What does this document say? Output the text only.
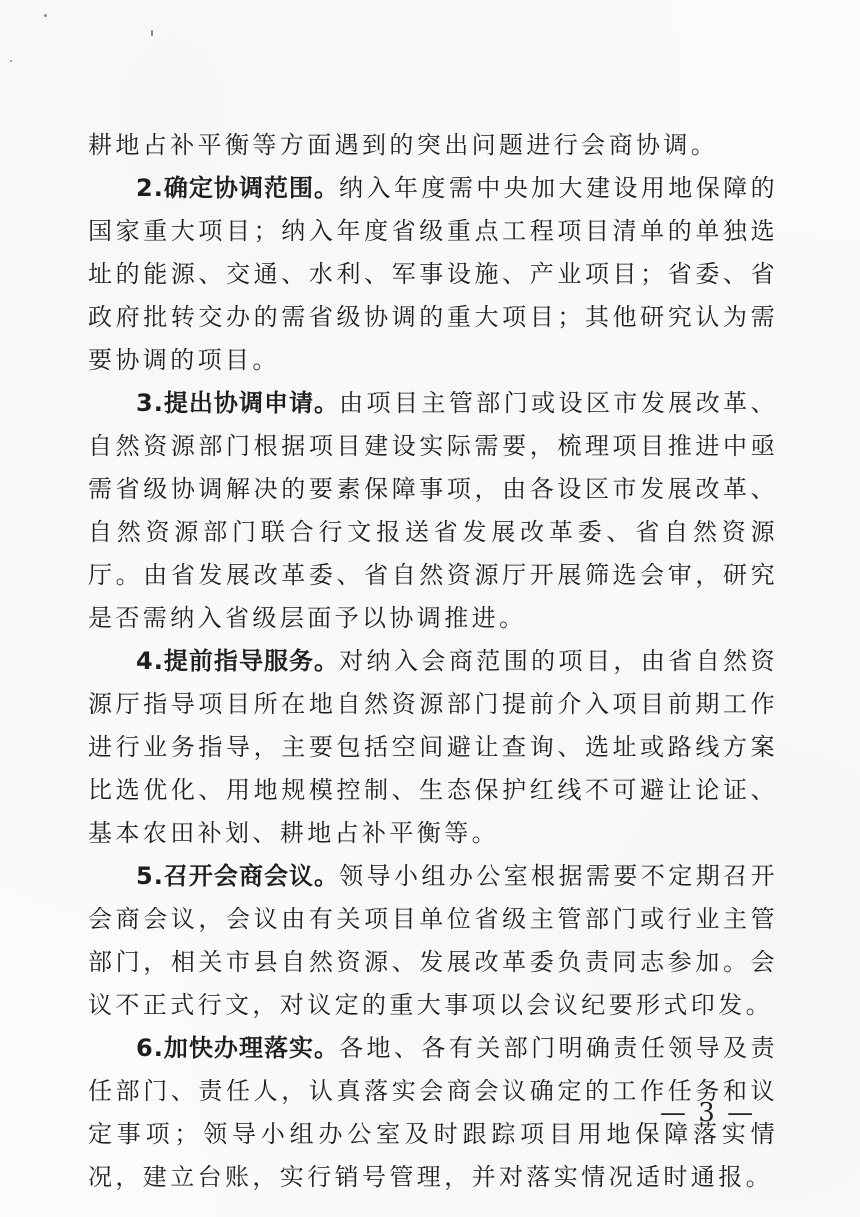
耕地占补平衡等方面遇到的突出问题进行会商协调。

2.确定协调范围。纳入年度需中央加大建设用地保障的国家重大项目；纳入年度省级重点工程项目清单的单独选址的能源、交通、水利、军事设施、产业项目；省委、省政府批转交办的需省级协调的重大项目；其他研究认为需要协调的项目。

3.提出协调申请。由项目主管部门或设区市发展改革、自然资源部门根据项目建设实际需要，梳理项目推进中亟需省级协调解决的要素保障事项，由各设区市发展改革、自然资源部门联合行文报送省发展改革委、省自然资源厅。由省发展改革委、省自然资源厅开展筛选会审，研究是否需纳入省级层面予以协调推进。

4.提前指导服务。对纳入会商范围的项目，由省自然资源厅指导项目所在地自然资源部门提前介入项目前期工作进行业务指导，主要包括空间避让查询、选址或路线方案比选优化、用地规模控制、生态保护红线不可避让论证、基本农田补划、耕地占补平衡等。

5.召开会商会议。领导小组办公室根据需要不定期召开会商会议，会议由有关项目单位省级主管部门或行业主管部门，相关市县自然资源、发展改革委负责同志参加。会议不正式行文，对议定的重大事项以会议纪要形式印发。

6.加快办理落实。各地、各有关部门明确责任领导及责任部门、责任人，认真落实会商会议确定的工作任务和议定事项；领导小组办公室及时跟踪项目用地保障落实情况，建立台账，实行销号管理，并对落实情况适时通报。

— 3 —
